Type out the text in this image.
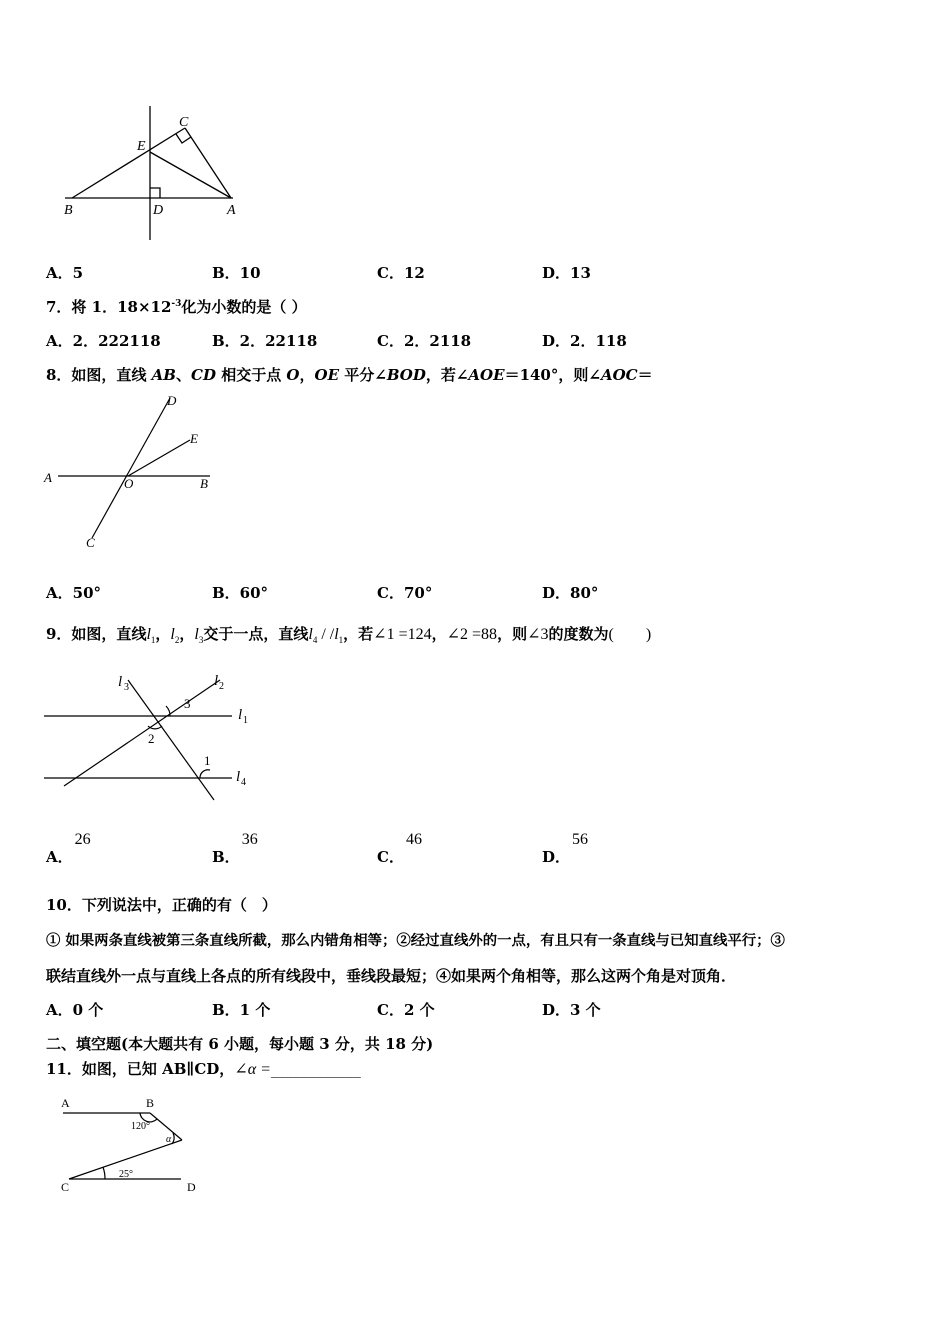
C
E
B	D	A
A．5	B．10	C．12	D．13
7．将 1．$18\times 12^{-3}$化为小数的是（ ）
A．2．222118	B．2．22118	C．2．2118	D．2．118
8．如图，直线 AB、CD 相交于点 O，OE 平分∠BOD，若∠AOE＝140°，则∠AOC＝
D
E
A	O	B
C
A．50°	B．60°	C．70°	D．80°
9．如图，直线$l_1$，$l_2$，$l_3$交于一点，直线$l_4 / /l_1$，若∠1 =124，∠2 =88，则∠3的度数为(　　)
l 3	l 2
3
l 1
2
1
l 4
A．26
B．36
C．46
D．56
10．下列说法中，正确的有（　）
① 如果两条直线被第三条直线所截，那么内错角相等；②经过直线外的一点，有且只有一条直线与已知直线平行；③
联结直线外一点与直线上各点的所有线段中，垂线段最短；④如果两个角相等，那么这两个角是对顶角．
A．0 个	B．1 个	C．2 个	D．3 个
二、填空题(本大题共有 6 小题，每小题 3 分，共 18 分)
11．如图，已知 AB∥CD，∠α =____________
A	B
120°
α
C
25°
D
